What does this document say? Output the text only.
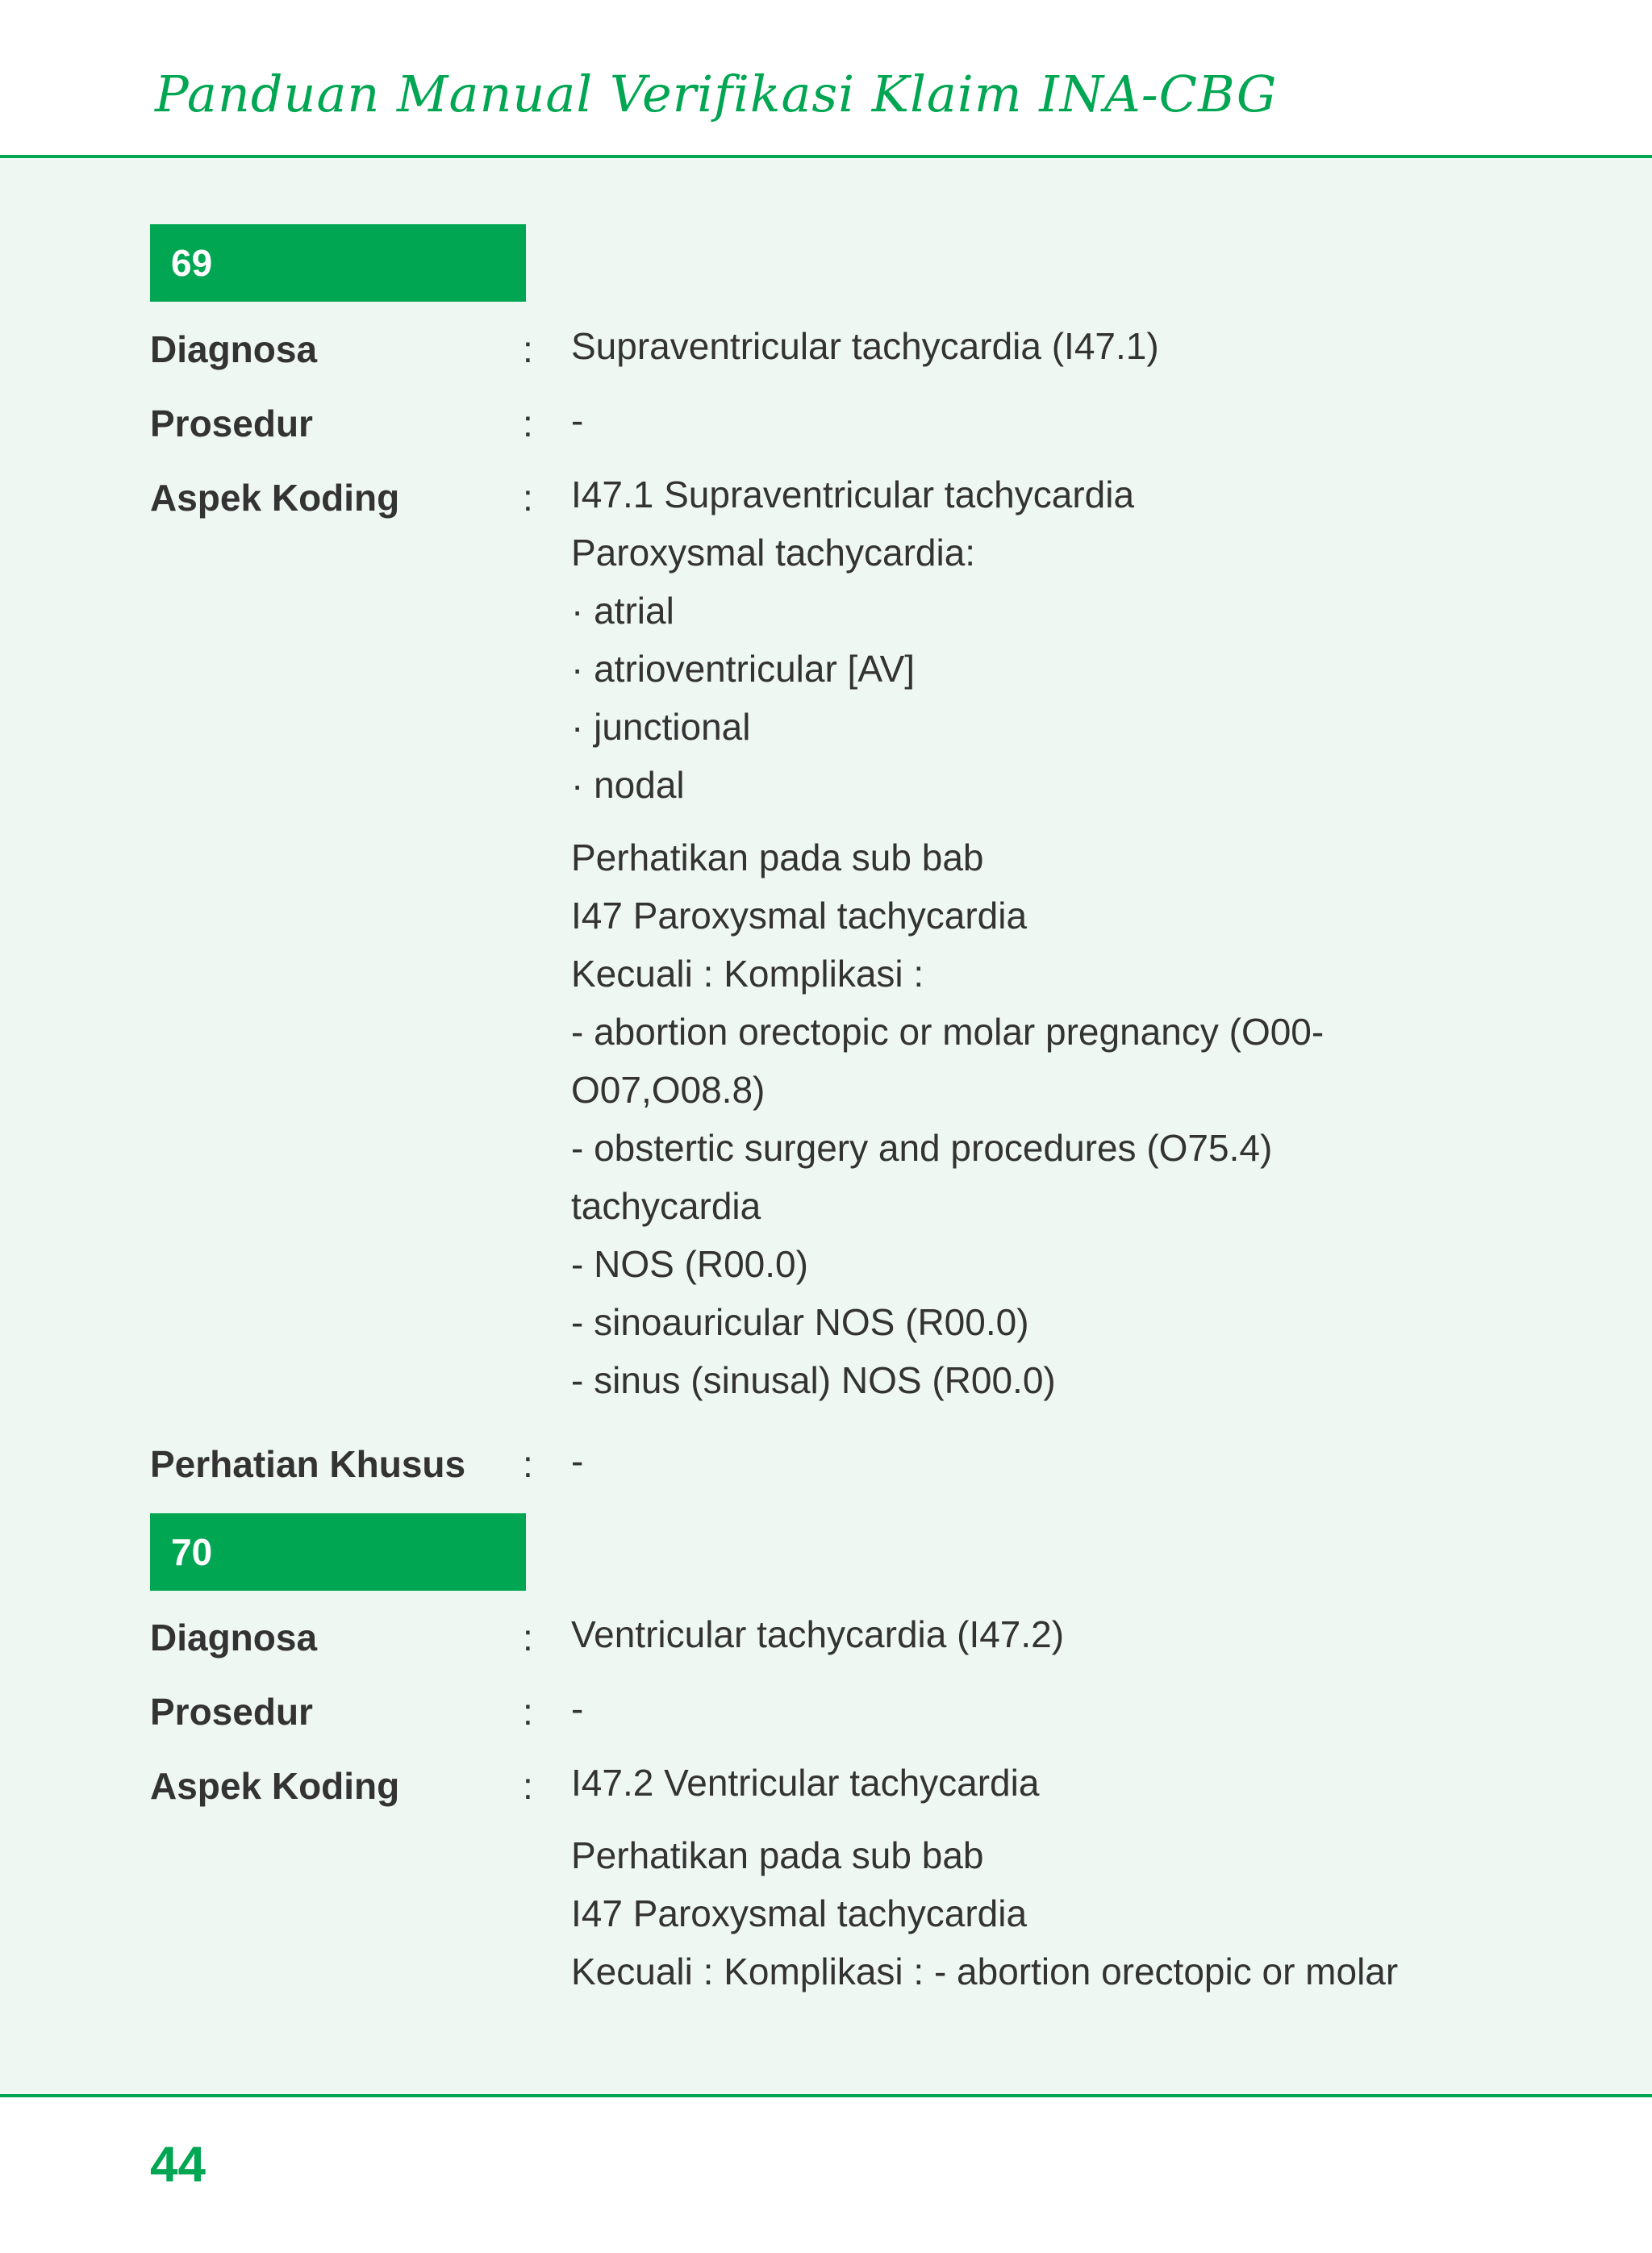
Panduan Manual Verifikasi Klaim INA-CBG
69
Diagnosa	: Supraventricular tachycardia (I47.1)
Prosedur	: -
Aspek Koding	: I47.1 Supraventricular tachycardia
Paroxysmal tachycardia:
· atrial
· atrioventricular [AV]
· junctional
· nodal
Perhatikan pada sub bab
I47 Paroxysmal tachycardia
Kecuali : Komplikasi :
- abortion orectopic or molar pregnancy (O00-
O07,O08.8)
- obstertic surgery and procedures (O75.4)
tachycardia
- NOS (R00.0)
- sinoauricular NOS (R00.0)
- sinus (sinusal) NOS (R00.0)
Perhatian Khusus : -
70
Diagnosa	: Ventricular tachycardia (I47.2)
Prosedur	: -
Aspek Koding	: I47.2 Ventricular tachycardia
Perhatikan pada sub bab
I47 Paroxysmal tachycardia
Kecuali : Komplikasi : - abortion orectopic or molar
44
